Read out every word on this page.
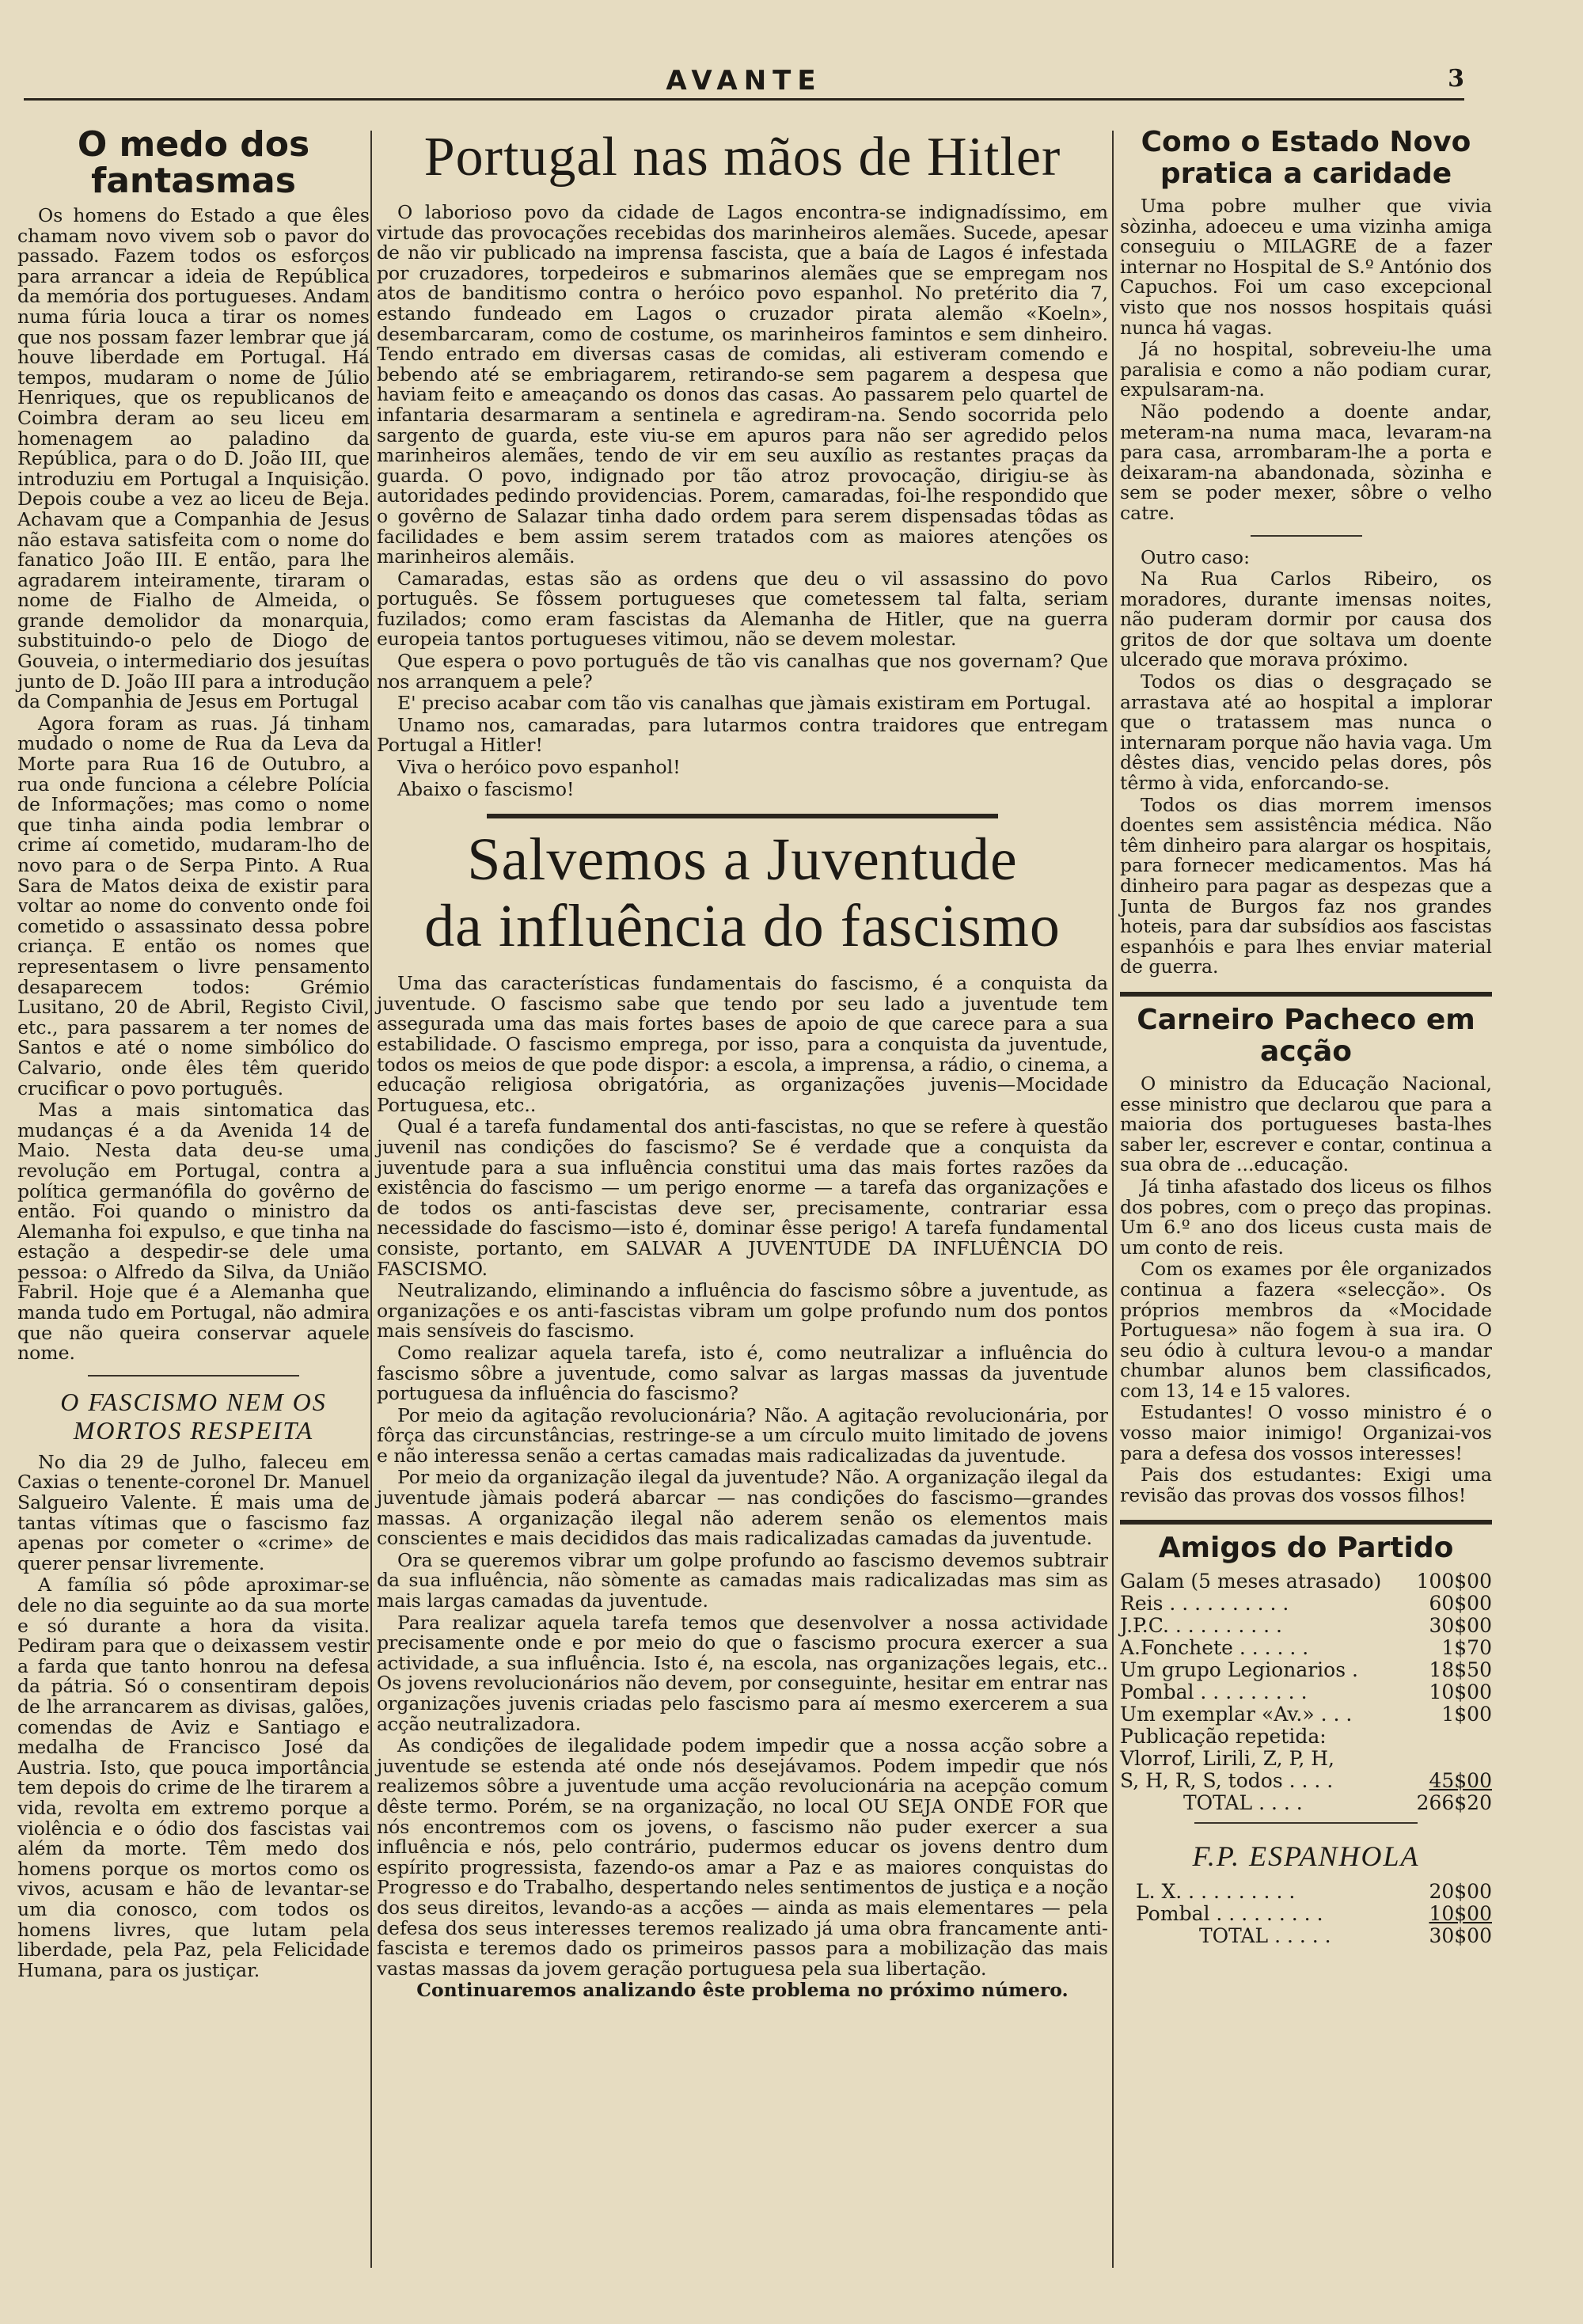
AVANTE	3
O medo dos fantasmas

Os homens do Estado a que êles chamam novo vivem sob o pavor do passado. Fazem todos os esforços para arrancar a ideia de República da memória dos portugueses. Andam numa fúria louca a tirar os nomes que nos possam fazer lembrar que já houve liberdade em Portugal. Há tempos, mudaram o nome de Júlio Henriques, que os republicanos de Coimbra deram ao seu liceu em homenagem ao paladino da República, para o do D. João III, que introduziu em Portugal a Inquisição. Depois coube a vez ao liceu de Beja. Achavam que a Companhia de Jesus não estava satisfeita com o nome do fanatico João III. E então, para lhe agradarem inteiramente, tiraram o nome de Fialho de Almeida, o grande demolidor da monarquia, substituindo-o pelo de Diogo de Gouveia, o intermediario dos jesuítas junto de D. João III para a introdução da Companhia de Jesus em Portugal

Agora foram as ruas. Já tinham mudado o nome de Rua da Leva da Morte para Rua 16 de Outubro, a rua onde funciona a célebre Polícia de Informações; mas como o nome que tinha ainda podia lembrar o crime aí cometido, mudaram-lho de novo para o de Serpa Pinto. A Rua Sara de Matos deixa de existir para voltar ao nome do convento onde foi cometido o assassinato dessa pobre criança. E então os nomes que representasem o livre pensamento desaparecem todos: Grémio Lusitano, 20 de Abril, Registo Civil, etc., para passarem a ter nomes de Santos e até o nome simbólico do Calvario, onde êles têm querido crucificar o povo português.

Mas a mais sintomatica das mudanças é a da Avenida 14 de Maio. Nesta data deu-se uma revolução em Portugal, contra a política germanófila do govêrno de então. Foi quando o ministro da Alemanha foi expulso, e que tinha na estação a despedir-se dele uma pessoa: o Alfredo da Silva, da União Fabril. Hoje que é a Alemanha que manda tudo em Portugal, não admira que não queira conservar aquele nome.

O FASCISMO NEM OS MORTOS RESPEITA

No dia 29 de Julho, faleceu em Caxias o tenente-coronel Dr. Manuel Salgueiro Valente. É mais uma de tantas vítimas que o fascismo faz apenas por cometer o «crime» de querer pensar livremente.

A família só pôde aproximar-se dele no dia seguinte ao da sua morte e só durante a hora da visita. Pediram para que o deixassem vestir a farda que tanto honrou na defesa da pátria. Só o consentiram depois de lhe arrancarem as divisas, galões, comendas de Aviz e Santiago e medalha de Francisco José da Austria. Isto, que pouca importância tem depois do crime de lhe tirarem a vida, revolta em extremo porque a violência e o ódio dos fascistas vai além da morte. Têm medo dos homens porque os mortos como os vivos, acusam e hão de levantar-se um dia conosco, com todos os homens livres, que lutam pela liberdade, pela Paz, pela Felicidade Humana, para os justiçar.

Portugal nas mãos de Hitler

O laborioso povo da cidade de Lagos encontra-se indignadíssimo, em virtude das provocações recebidas dos marinheiros alemães. Sucede, apesar de não vir publicado na imprensa fascista, que a baía de Lagos é infestada por cruzadores, torpedeiros e submarinos alemães que se empregam nos atos de banditismo contra o heróico povo espanhol. No pretérito dia 7, estando fundeado em Lagos o cruzador pirata alemão «Koeln», desembarcaram, como de costume, os marinheiros famintos e sem dinheiro. Tendo entrado em diversas casas de comidas, ali estiveram comendo e bebendo até se embriagarem, retirando-se sem pagarem a despesa que haviam feito e ameaçando os donos das casas. Ao passarem pelo quartel de infantaria desarmaram a sentinela e agrediram-na. Sendo socorrida pelo sargento de guarda, este viu-se em apuros para não ser agredido pelos marinheiros alemães, tendo de vir em seu auxílio as restantes praças da guarda. O povo, indignado por tão atroz provocação, dirigiu-se às autoridades pedindo providencias. Porem, camaradas, foi-lhe respondido que o govêrno de Salazar tinha dado ordem para serem dispensadas tôdas as facilidades e bem assim serem tratados com as maiores atenções os marinheiros alemãis.

Camaradas, estas são as ordens que deu o vil assassino do povo português. Se fôssem portugueses que cometessem tal falta, seriam fuzilados; como eram fascistas da Alemanha de Hitler, que na guerra europeia tantos portugueses vitimou, não se devem molestar.

Que espera o povo português de tão vis canalhas que nos governam? Que nos arranquem a pele?

E' preciso acabar com tão vis canalhas que jàmais existiram em Portugal.

Unamo nos, camaradas, para lutarmos contra traidores que entregam Portugal a Hitler!

Viva o heróico povo espanhol!

Abaixo o fascismo!

Salvemos a Juventude
da influência do fascismo

Uma das características fundamentais do fascismo, é a conquista da juventude. O fascismo sabe que tendo por seu lado a juventude tem assegurada uma das mais fortes bases de apoio de que carece para a sua estabilidade. O fascismo emprega, por isso, para a conquista da juventude, todos os meios de que pode dispor: a escola, a imprensa, a rádio, o cinema, a educação religiosa obrigatória, as organizações juvenis—Mocidade Portuguesa, etc..

Qual é a tarefa fundamental dos anti-fascistas, no que se refere à questão juvenil nas condições do fascismo? Se é verdade que a conquista da juventude para a sua influência constitui uma das mais fortes razões da existência do fascismo — um perigo enorme — a tarefa das organizações e de todos os anti-fascistas deve ser, precisamente, contrariar essa necessidade do fascismo—isto é, dominar êsse perigo! A tarefa fundamental consiste, portanto, em SALVAR A JUVENTUDE DA INFLUÊNCIA DO FASCISMO.

Neutralizando, eliminando a influência do fascismo sôbre a juventude, as organizações e os anti-fascistas vibram um golpe profundo num dos pontos mais sensíveis do fascismo.

Como realizar aquela tarefa, isto é, como neutralizar a influência do fascismo sôbre a juventude, como salvar as largas massas da juventude portuguesa da influência do fascismo?

Por meio da agitação revolucionária? Não. A agitação revolucionária, por fôrça das circunstâncias, restringe-se a um círculo muito limitado de jovens e não interessa senão a certas camadas mais radicalizadas da juventude.

Por meio da organização ilegal da juventude? Não. A organização ilegal da juventude jàmais poderá abarcar — nas condições do fascismo—grandes massas. A organização ilegal não aderem senão os elementos mais conscientes e mais decididos das mais radicalizadas camadas da juventude.

Ora se queremos vibrar um golpe profundo ao fascismo devemos subtrair da sua influência, não sòmente as camadas mais radicalizadas mas sim as mais largas camadas da juventude.

Para realizar aquela tarefa temos que desenvolver a nossa actividade precisamente onde e por meio do que o fascismo procura exercer a sua actividade, a sua influência. Isto é, na escola, nas organizações legais, etc.. Os jovens revolucionários não devem, por conseguinte, hesitar em entrar nas organizações juvenis criadas pelo fascismo para aí mesmo exercerem a sua acção neutralizadora.

As condições de ilegalidade podem impedir que a nossa acção sobre a juventude se estenda até onde nós desejávamos. Podem impedir que nós realizemos sôbre a juventude uma acção revolucionária na acepção comum dêste termo. Porém, se na organização, no local OU SEJA ONDE FOR que nós encontremos com os jovens, o fascismo não puder exercer a sua influência e nós, pelo contrário, pudermos educar os jovens dentro dum espírito progressista, fazendo-os amar a Paz e as maiores conquistas do Progresso e do Trabalho, despertando neles sentimentos de justiça e a noção dos seus direitos, levando-as a acções — ainda as mais elementares — pela defesa dos seus interesses teremos realizado já uma obra francamente anti-fascista e teremos dado os primeiros passos para a mobilização das mais vastas massas da jovem geração portuguesa pela sua libertação.

Continuaremos analizando êste problema no próximo número.

Como o Estado Novo pratica a caridade

Uma pobre mulher que vivia sòzinha, adoeceu e uma vizinha amiga conseguiu o MILAGRE de a fazer internar no Hospital de S.º António dos Capuchos. Foi um caso excepcional visto que nos nossos hospitais quási nunca há vagas.

Já no hospital, sobreveiu-lhe uma paralisia e como a não podiam curar, expulsaram-na.

Não podendo a doente andar, meteram-na numa maca, levaram-na para casa, arrombaram-lhe a porta e deixaram-na abandonada, sòzinha e sem se poder mexer, sôbre o velho catre.

Outro caso:

Na Rua Carlos Ribeiro, os moradores, durante imensas noites, não puderam dormir por causa dos gritos de dor que soltava um doente ulcerado que morava próximo.

Todos os dias o desgraçado se arrastava até ao hospital a implorar que o tratassem mas nunca o internaram porque não havia vaga. Um dêstes dias, vencido pelas dores, pôs têrmo à vida, enforcando-se.

Todos os dias morrem imensos doentes sem assistência médica. Não têm dinheiro para alargar os hospitais, para fornecer medicamentos. Mas há dinheiro para pagar as despezas que a Junta de Burgos faz nos grandes hoteis, para dar subsídios aos fascistas espanhóis e para lhes enviar material de guerra.

Carneiro Pacheco em acção

O ministro da Educação Nacional, esse ministro que declarou que para a maioria dos portugueses basta-lhes saber ler, escrever e contar, continua a sua obra de ...educação.

Já tinha afastado dos liceus os filhos dos pobres, com o preço das propinas. Um 6.º ano dos liceus custa mais de um conto de reis.

Com os exames por êle organizados continua a fazera «selecção». Os próprios membros da «Mocidade Portuguesa» não fogem à sua ira. O seu ódio à cultura levou-o a mandar chumbar alunos bem classificados, com 13, 14 e 15 valores.

Estudantes! O vosso ministro é o vosso maior inimigo! Organizai-vos para a defesa dos vossos interesses!

Pais dos estudantes: Exigi uma revisão das provas dos vossos filhos!

Amigos do Partido
Galam (5 meses atrasado) 100$00
Reis . . . . . . . . . .	60$00
J.P.C. . . . . . . . . .	30$00
A.Fonchete . . . . . .	1$70
Um grupo Legionarios .	18$50
Pombal . . . . . . . . .	10$00
Um exemplar «Av.» . . .	1$00
Publicação repetida:
Vlorrof, Lirili, Z, P, H,
S, H, R, S, todos . . . .	45$00
TOTAL . . . .	266$20
F.P. ESPANHOLA
L. X. . . . . . . . . .	20$00
Pombal . . . . . . . . .	10$00
TOTAL . . . . .	30$00
